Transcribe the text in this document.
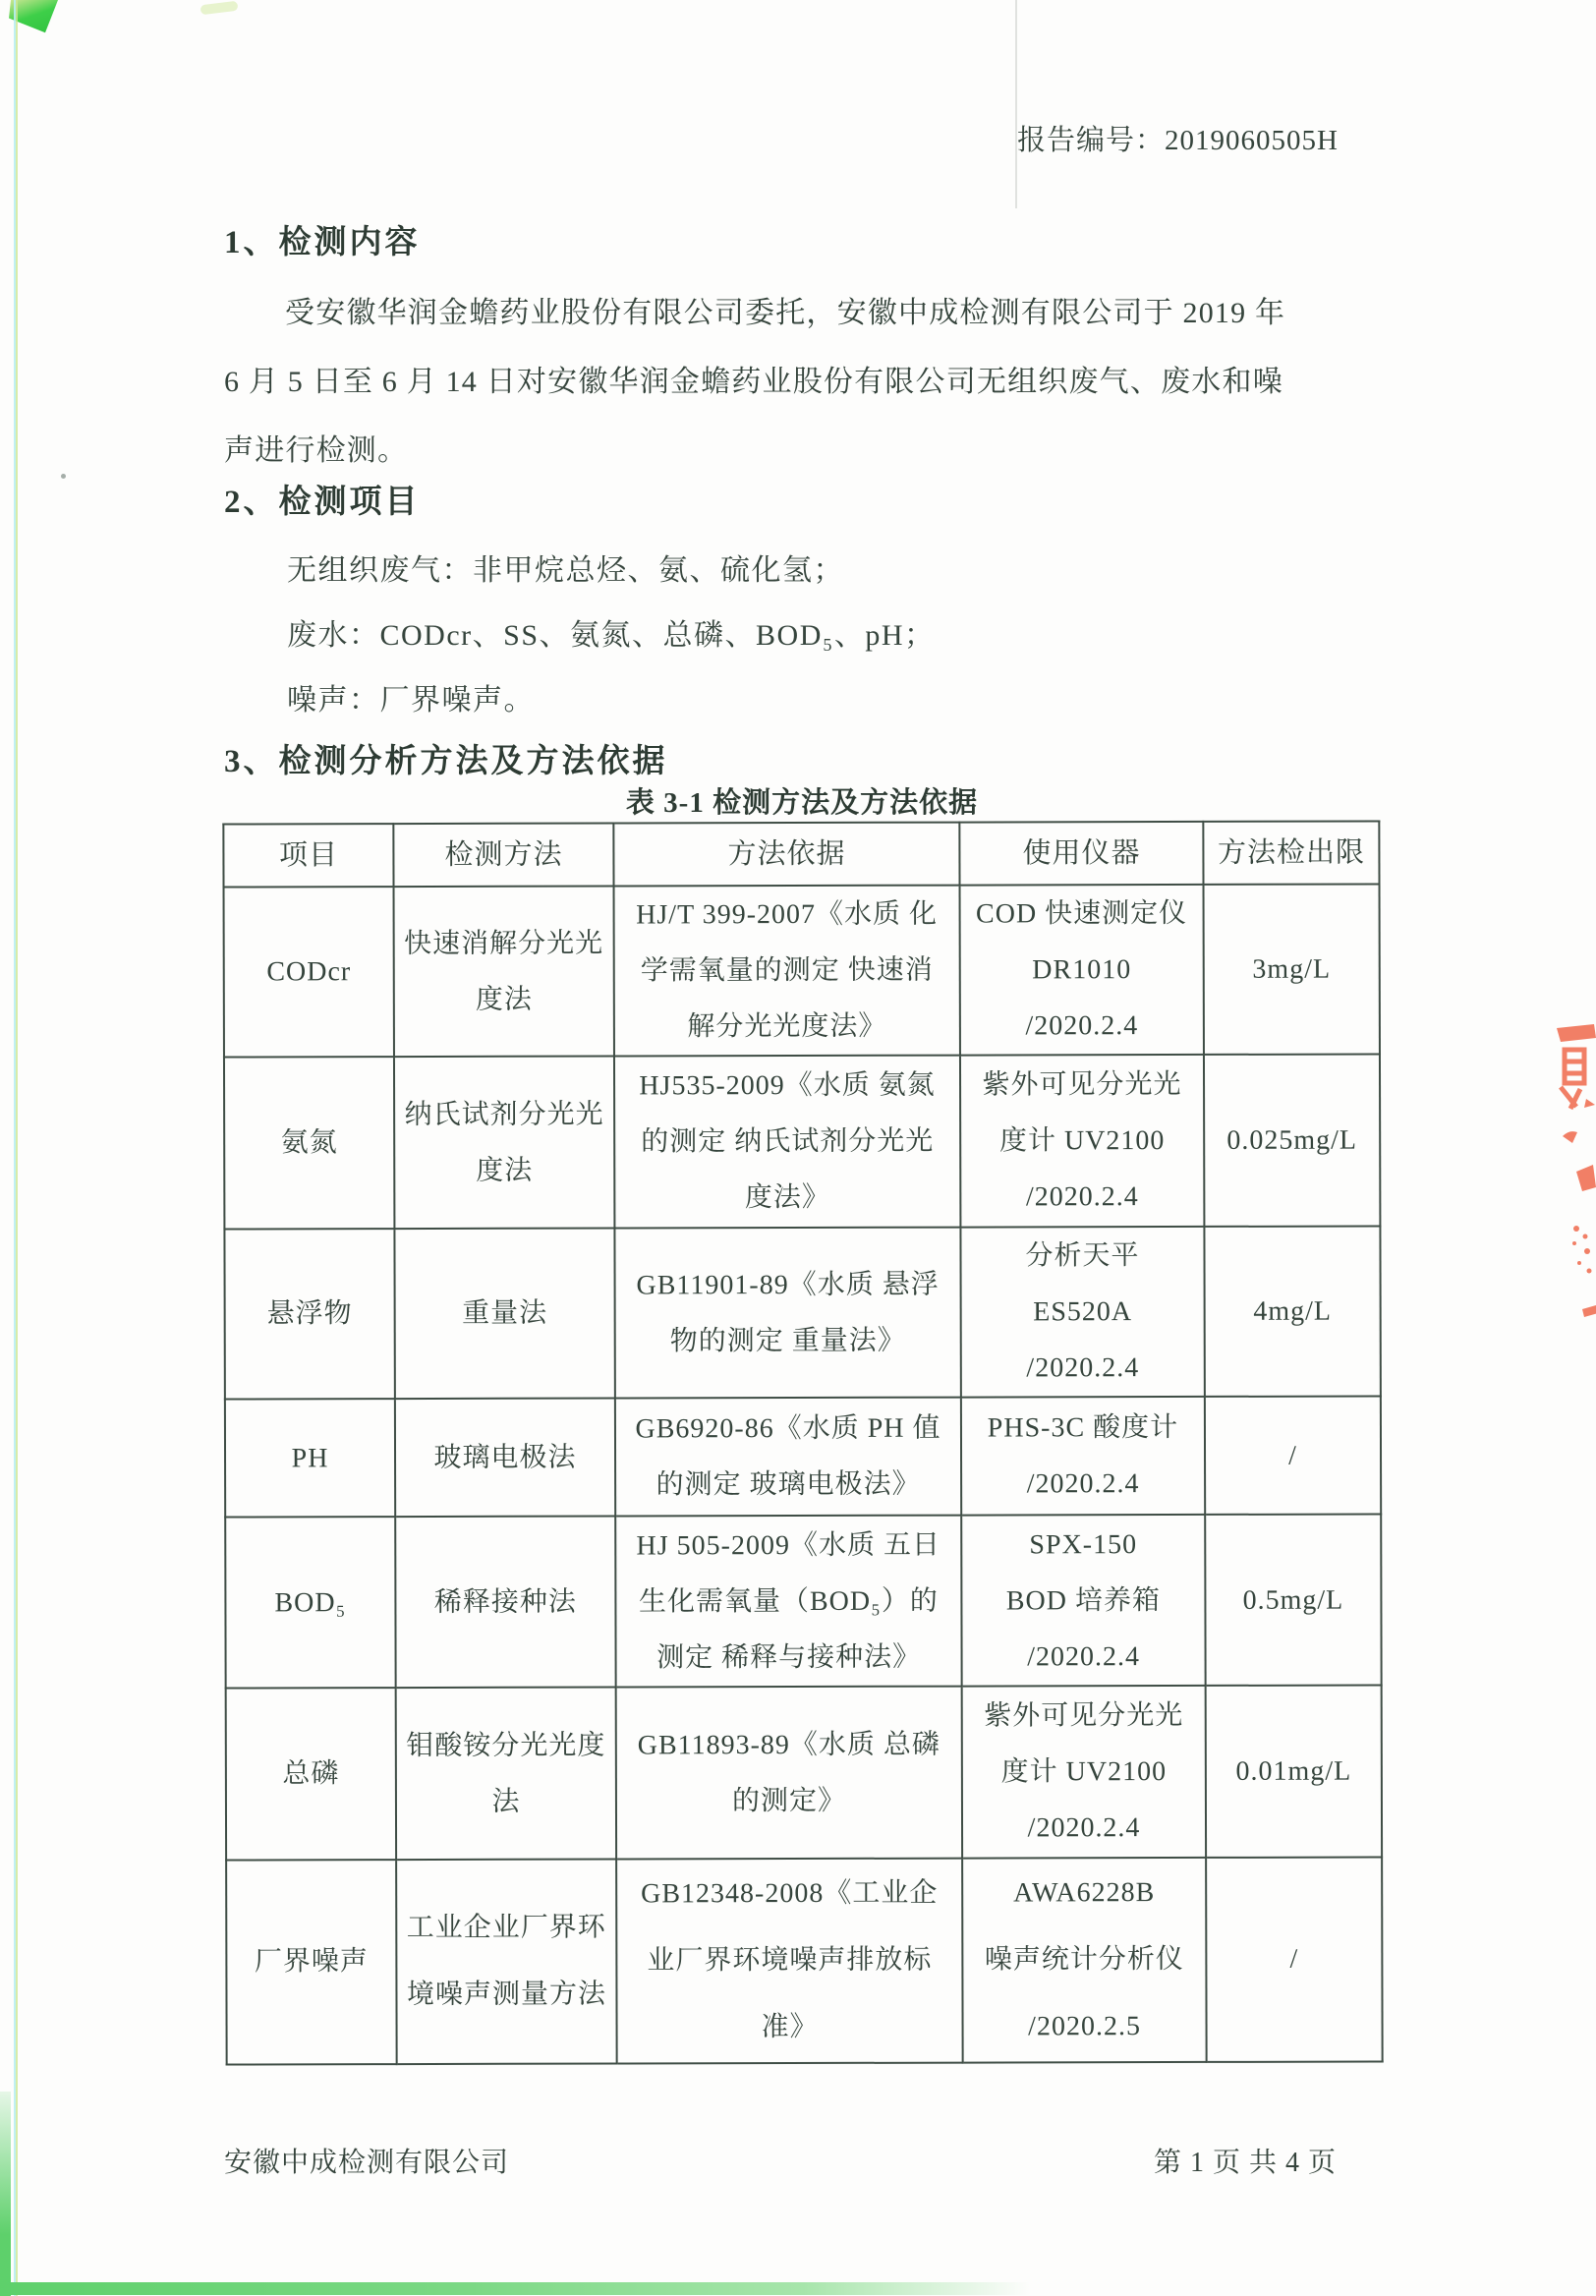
报告编号：2019060505H
1、检测内容
受安徽华润金蟾药业股份有限公司委托，安徽中成检测有限公司于 2019 年
6 月 5 日至 6 月 14 日对安徽华润金蟾药业股份有限公司无组织废气、废水和噪
声进行检测。
2、检测项目
无组织废气：非甲烷总烃、氨、硫化氢；
废水：CODcr、SS、氨氮、总磷、BOD₅、pH；
噪声：厂界噪声。
3、检测分析方法及方法依据
表 3-1 检测方法及方法依据
项目	检测方法	方法依据	使用仪器	方法检出限
CODcr	快速消解分光光度法	HJ/T 399-2007《水质 化
学需氧量的测定 快速消
解分光光度法》	COD 快速测定仪
DR1010
/2020.2.4	3mg/L
氨氮	纳氏试剂分光光度法	HJ535-2009《水质 氨氮
的测定 纳氏试剂分光光
度法》	紫外可见分光光
度计 UV2100
/2020.2.4	0.025mg/L
悬浮物	重量法	GB11901-89《水质 悬浮
物的测定 重量法》	分析天平
ES520A
/2020.2.4	4mg/L
PH	玻璃电极法	GB6920-86《水质 PH 值
的测定 玻璃电极法》	PHS-3C 酸度计
/2020.2.4	/
BOD₅	稀释接种法	HJ 505-2009《水质 五日
生化需氧量（BOD₅）的
测定 稀释与接种法》	SPX-150
BOD 培养箱
/2020.2.4	0.5mg/L
总磷	钼酸铵分光光度法	GB11893-89《水质 总磷
的测定》	紫外可见分光光
度计 UV2100
/2020.2.4	0.01mg/L
厂界噪声	工业企业厂界环境噪声测量方法	GB12348-2008《工业企
业厂界环境噪声排放标
准》	AWA6228B
噪声统计分析仪
/2020.2.5	/
安徽中成检测有限公司	第 1 页 共 4 页
